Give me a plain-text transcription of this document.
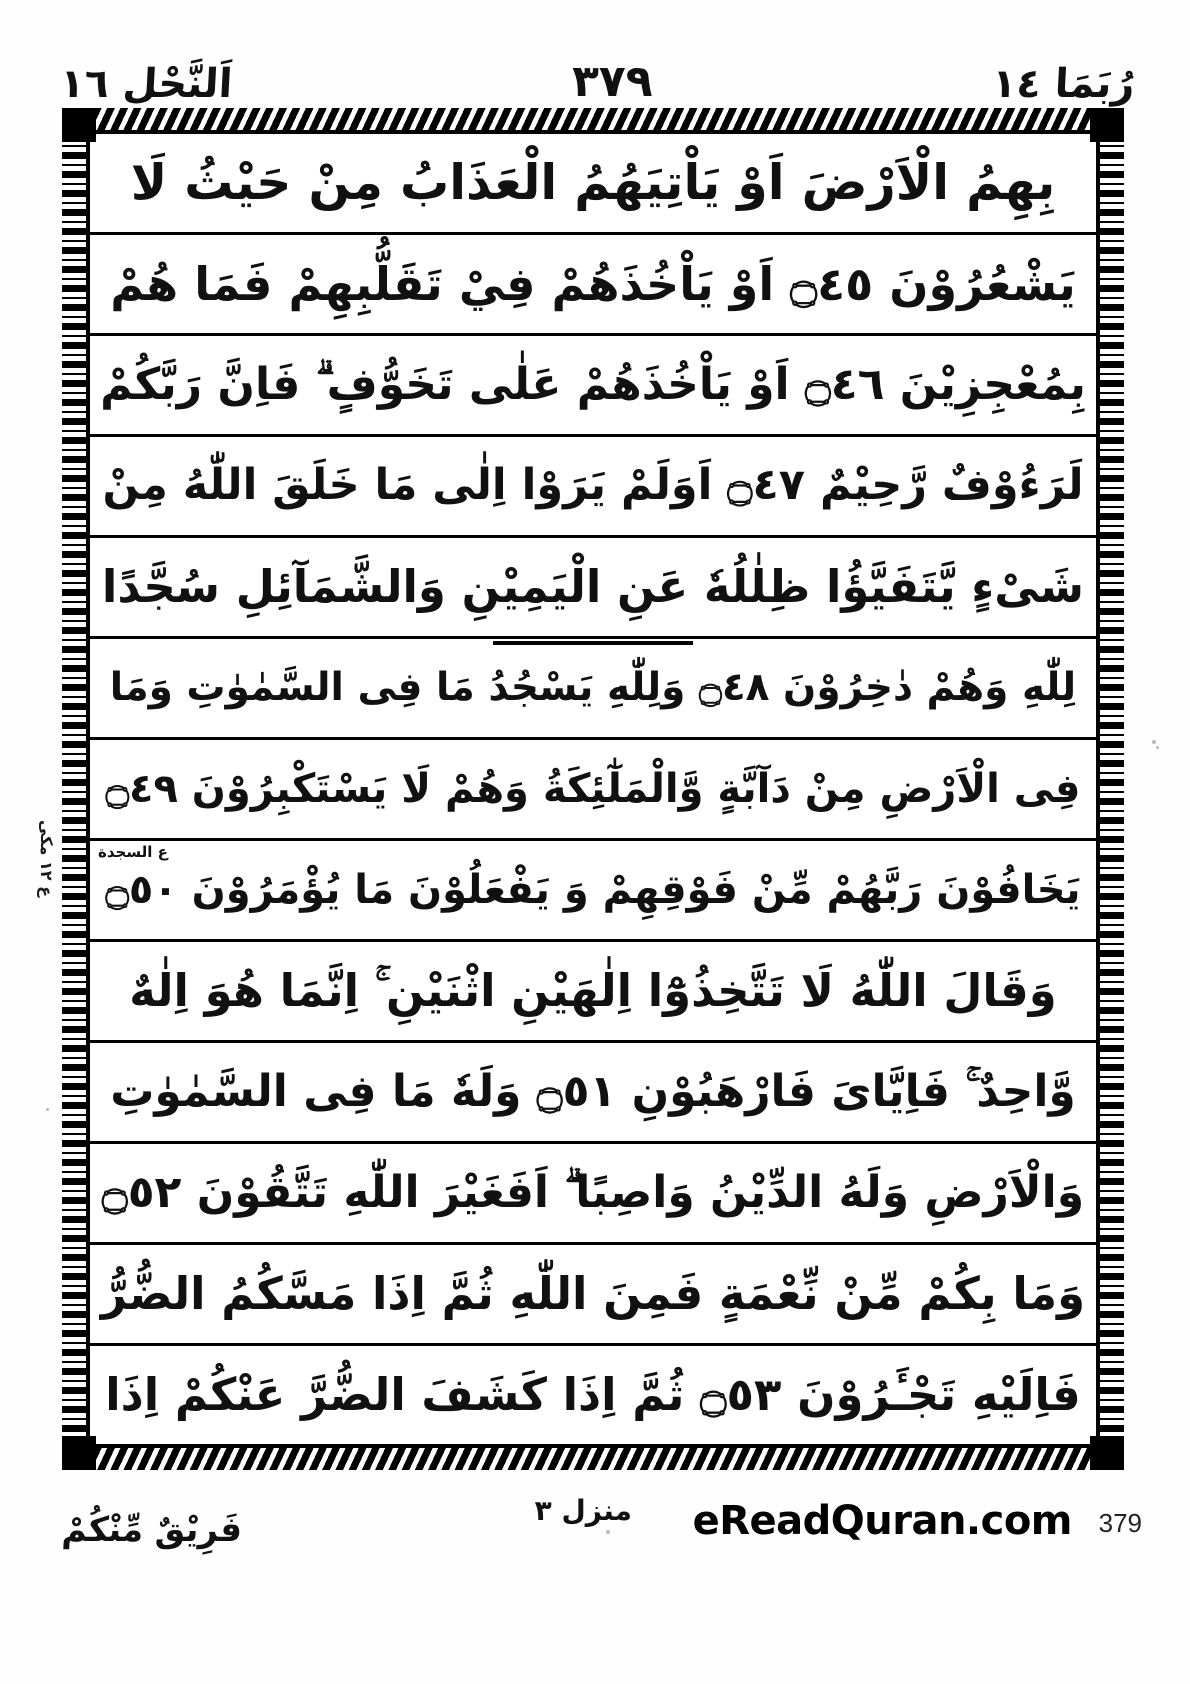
رُبَمَا ١٤
٣٧٩
اَلنَّحْل ١٦
ع ١٢ مکی
بِهِمُ الْاَرْضَ اَوْ يَاْتِيَهُمُ الْعَذَابُ مِنْ حَيْثُ لَا
يَشْعُرُوْنَ ۝٤٥ اَوْ يَاْخُذَهُمْ فِيْ تَقَلُّبِهِمْ فَمَا هُمْ
بِمُعْجِزِيْنَ ۝٤٦ اَوْ يَاْخُذَهُمْ عَلٰى تَخَوُّفٍ ۗ فَاِنَّ رَبَّكُمْ
لَرَءُوْفٌ رَّحِيْمٌ ۝٤٧ اَوَلَمْ يَرَوْا اِلٰى مَا خَلَقَ اللّٰهُ مِنْ
شَىْءٍ يَّتَفَيَّؤُا ظِلٰلُهٗ عَنِ الْيَمِيْنِ وَالشَّمَآئِلِ سُجَّدًا
لِلّٰهِ وَهُمْ دٰخِرُوْنَ ۝٤٨ وَلِلّٰهِ يَسْجُدُ مَا فِى السَّمٰوٰتِ وَمَا
فِى الْاَرْضِ مِنْ دَآبَّةٍ وَّالْمَلٰٓئِكَةُ وَهُمْ لَا يَسْتَكْبِرُوْنَ ۝٤٩
ع السجدة
يَخَافُوْنَ رَبَّهُمْ مِّنْ فَوْقِهِمْ وَ يَفْعَلُوْنَ مَا يُؤْمَرُوْنَ ۝٥٠
وَقَالَ اللّٰهُ لَا تَتَّخِذُوْٓا اِلٰهَيْنِ اثْنَيْنِ ۚ اِنَّمَا هُوَ اِلٰهٌ
وَّاحِدٌ ۚ فَاِيَّاىَ فَارْهَبُوْنِ ۝٥١ وَلَهٗ مَا فِى السَّمٰوٰتِ
وَالْاَرْضِ وَلَهُ الدِّيْنُ وَاصِبًا ۗ اَفَغَيْرَ اللّٰهِ تَتَّقُوْنَ ۝٥٢
وَمَا بِكُمْ مِّنْ نِّعْمَةٍ فَمِنَ اللّٰهِ ثُمَّ اِذَا مَسَّكُمُ الضُّرُّ
فَاِلَيْهِ تَجْـَٔرُوْنَ ۝٥٣ ثُمَّ اِذَا كَشَفَ الضُّرَّ عَنْكُمْ اِذَا
فَرِيْقٌ مِّنْكُمْ	منزل ٣ eReadQuran.com 379
